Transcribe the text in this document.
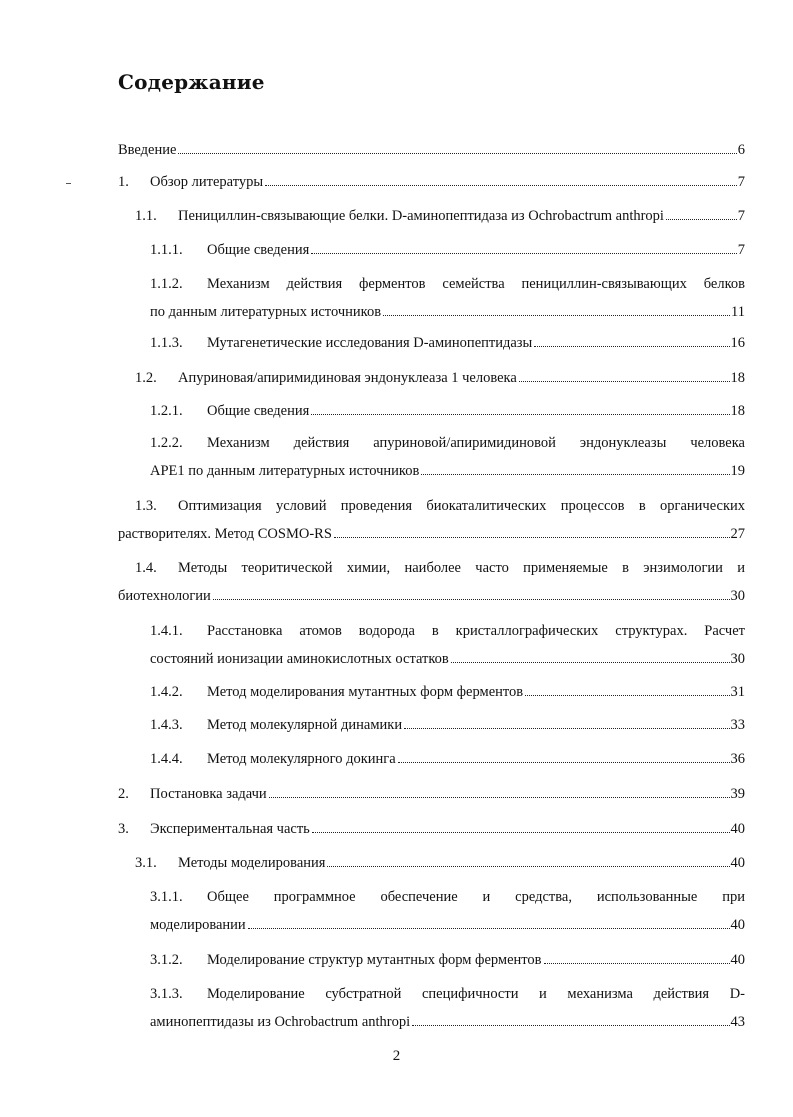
Содержание
Введение	6
1.	Обзор литературы	7
1.1.	Пенициллин-связывающие белки. D-аминопептидаза из Ochrobactrum anthropi	7
1.1.1.	Общие сведения	7
1.1.2. Механизм действия ферментов семейства пенициллин-связывающих белков
по данным литературных источников	11
1.1.3.	Мутагенетические исследования D-аминопептидазы	16
1.2.	Апуриновая/апиримидиновая эндонуклеаза 1 человека	18
1.2.1.	Общие сведения	18
1.2.2. Механизм действия апуриновой/апиримидиновой эндонуклеазы человека
APE1 по данным литературных источников	19
1.3. Оптимизация условий проведения биокаталитических процессов в органических
растворителях. Метод COSMO-RS	27
1.4. Методы теоритической химии, наиболее часто применяемые в энзимологии и
биотехнологии	30
1.4.1. Расстановка атомов водорода в кристаллографических структурах. Расчет
состояний ионизации аминокислотных остатков	30
1.4.2.	Метод моделирования мутантных форм ферментов	31
1.4.3.	Метод молекулярной динамики	33
1.4.4.	Метод молекулярного докинга	36
2.	Постановка задачи	39
3.	Экспериментальная часть	40
3.1.	Методы моделирования	40
3.1.1. Общее программное обеспечение и средства, использованные при
моделировании	40
3.1.2.	Моделирование структур мутантных форм ферментов	40
3.1.3. Моделирование субстратной специфичности и механизма действия D-
аминопептидазы из Ochrobactrum anthropi	43
2
